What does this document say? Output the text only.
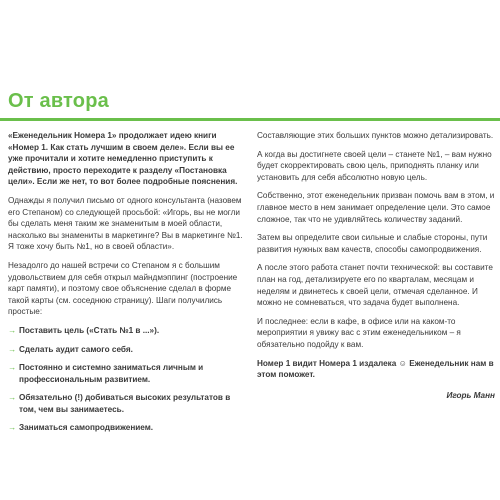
От автора

«Еженедельник Номера 1» продолжает идею книги «Номер 1. Как стать лучшим в своем деле». Если вы ее уже прочитали и хотите немедленно приступить к действию, просто переходите к разделу «Постановка цели». Если же нет, то вот более подробные пояснения.

Однажды я получил письмо от одного консультанта (назовем его Степаном) со следующей просьбой: «Игорь, вы не могли бы сделать меня таким же знаменитым в моей области, насколько вы знамениты в маркетинге? Вы в маркетинге №1. Я тоже хочу быть №1, но в своей области».

Незадолго до нашей встречи со Степаном я с большим удовольствием для себя открыл майндмэппинг (построение карт памяти), и поэтому свое объяснение сделал в форме такой карты (см. соседнюю страницу). Шаги получились простые:

→ Поставить цель («Стать №1 в ...»).
→ Сделать аудит самого себя.
→ Постоянно и системно заниматься личным и профессиональным развитием.
→ Обязательно (!) добиваться высоких результатов в том, чем вы занимаетесь.
→ Заниматься самопродвижением.

Составляющие этих больших пунктов можно детализировать.

А когда вы достигнете своей цели – станете №1, – вам нужно будет скорректировать свою цель, приподнять планку или установить для себя абсолютно новую цель.

Собственно, этот еженедельник призван помочь вам в этом, и главное место в нем занимает определение цели. Это самое сложное, так что не удивляйтесь количеству заданий.

Затем вы определите свои сильные и слабые стороны, пути развития нужных вам качеств, способы самопродвижения.

А после этого работа станет почти технической: вы составите план на год, детализируете его по кварталам, месяцам и неделям и двинетесь к своей цели, отмечая сделанное. И можно не сомневаться, что задача будет выполнена.

И последнее: если в кафе, в офисе или на каком-то мероприятии я увижу вас с этим еженедельником – я обязательно подойду к вам.

Номер 1 видит Номера 1 издалека ☺ Еженедельник нам в этом поможет.

Игорь Манн
